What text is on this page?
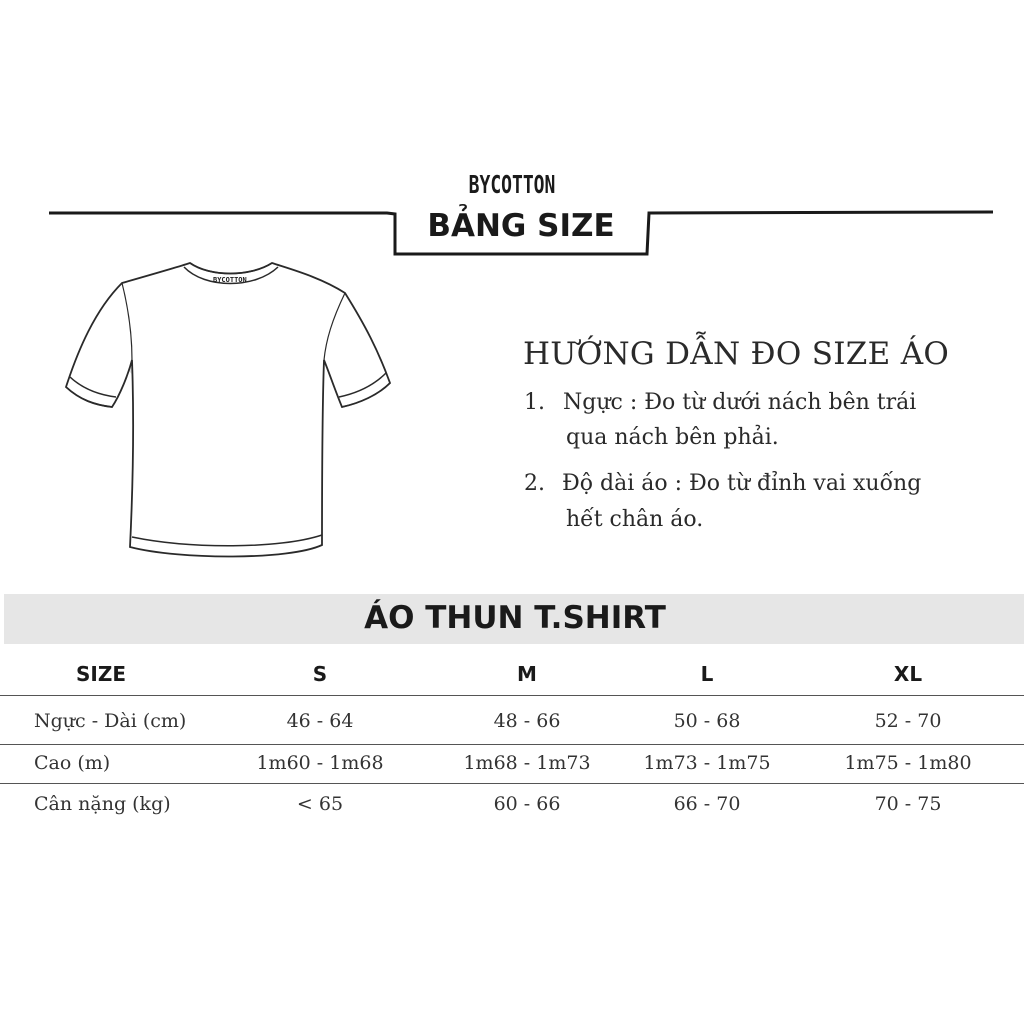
BYCOTTON
BẢNG SIZE
BYCOTTON
HƯỚNG DẪN ĐO SIZE ÁO
1. Ngực : Đo từ dưới nách bên trái
qua nách bên phải.
2. Độ dài áo : Đo từ đỉnh vai xuống
hết chân áo.
ÁO THUN T.SHIRT
SIZE	S	M	L	XL
Ngực - Dài (cm)	46 - 64	48 - 66	50 - 68	52 - 70
Cao (m)	1m60 - 1m68	1m68 - 1m73	1m73 - 1m75	1m75 - 1m80
Cân nặng (kg)	< 65	60 - 66	66 - 70	70 - 75
